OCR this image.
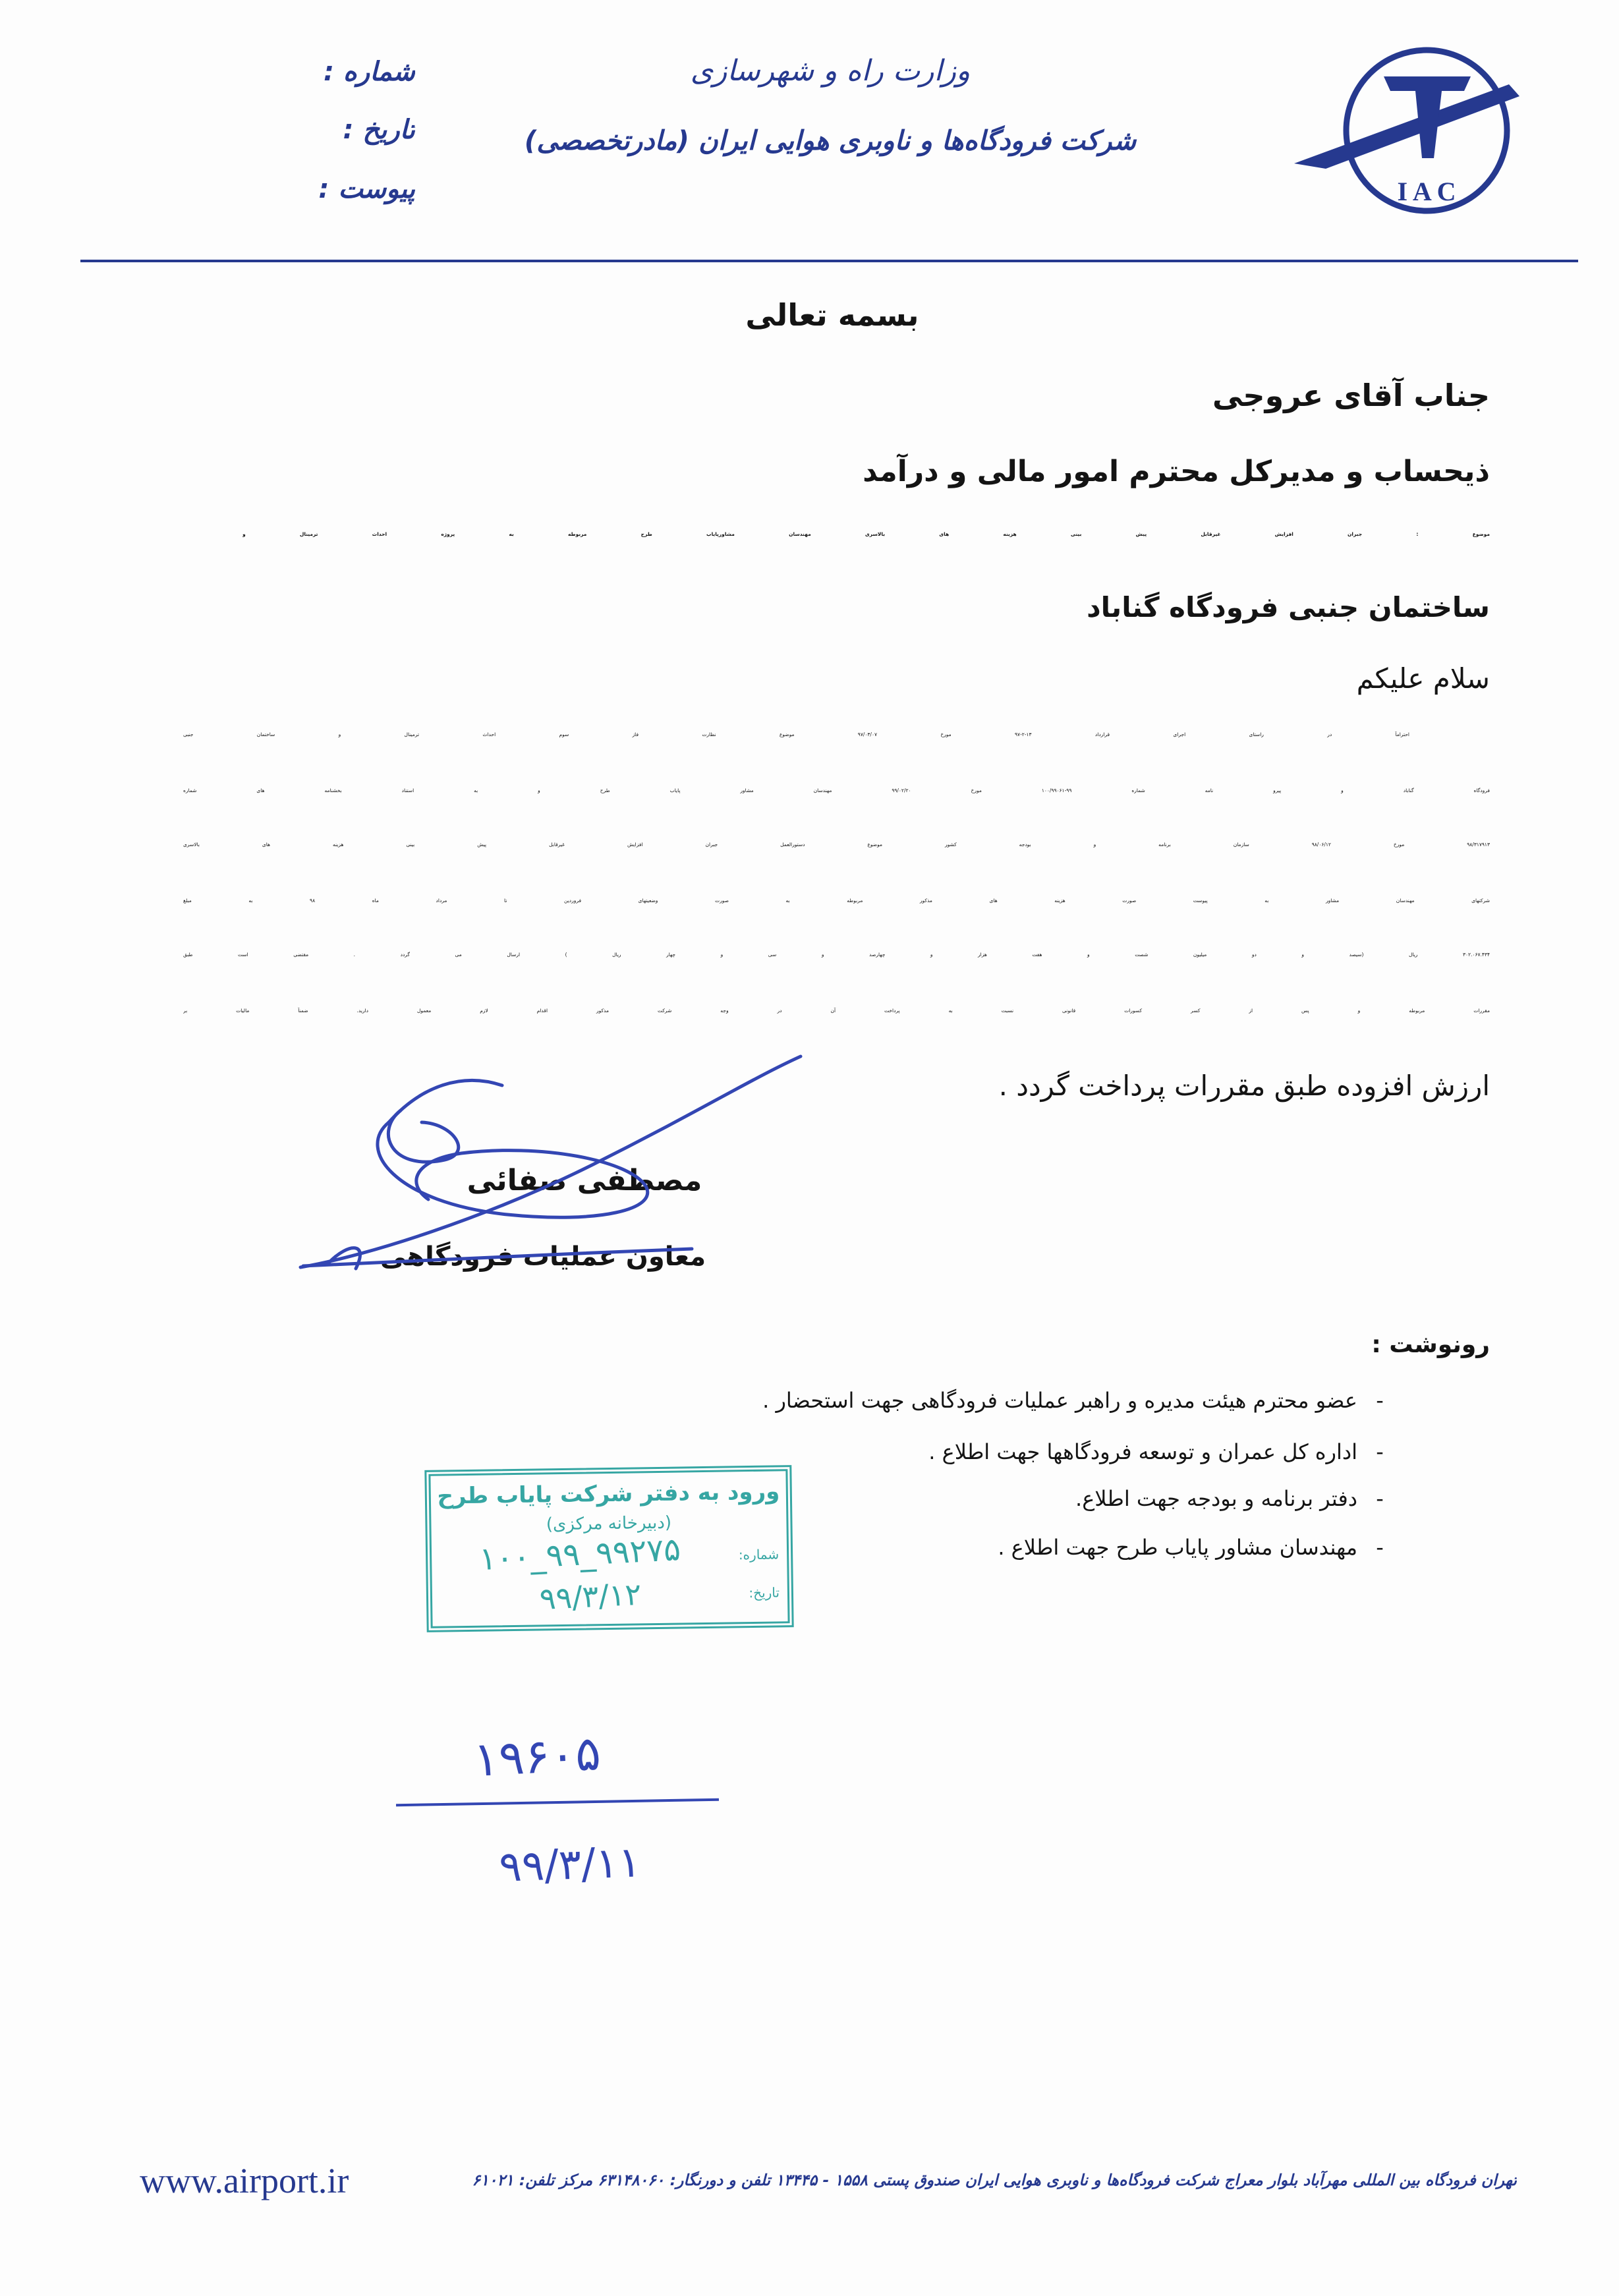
I A C
وزارت راه و شهرسازی
شرکت فرودگاه‌ها و ناوبری هوایی ایران (مادرتخصصی)
شماره :
تاریخ :
پیوست :
بسمه تعالی
جناب آقای عروجی
ذیحساب و مدیرکل محترم امور مالی و درآمد
موضوع : جبران افزایش غیرقابل پیش بینی هزینه های بالاسری مهندسان مشاورپایاب طرح مربوطه به پروژه احداث ترمینال و
ساختمان جنبی فرودگاه گناباد
سلام علیکم
احتراماً در راستای اجرای قرارداد ۱۳-۲-۹۷ مورخ ۹۷/۰۳/۰۷ موضوع نظارت فاز سوم احداث ترمینال و ساختمان جنبی
فرودگاه گناباد و پیرو نامه شماره ۹۹-۱۰۰/۹۹۰۶۱ مورخ ۹۹/۰۲/۲۰ مهندسان مشاور پایاب طرح و به استناد بخشنامه های شماره
۹۸/۳۱۷۹۱۳ مورخ ۹۸/۰۶/۱۲ سازمان برنامه و بودجه کشور موضوع دستورالعمل جبران افزایش غیرقابل پیش بینی هزینه های بالاسری
شرکتهای مهندسان مشاور به پیوست صورت هزینه های مذکور مربوطه به صورت وضعیتهای فروردین تا مرداد ماه ۹۸ به مبلغ
۳۰۲.۰۶۷.۴۳۴ ریال (سیصد و دو میلیون شصت و هفت هزار و چهارصد و سی و چهار ریال ) ارسال می گردد . مقتضی است طبق
مقررات مربوطه و پس از کسر کسورات قانونی نسبت به پرداخت آن در وجه شرکت مذکور اقدام لازم معمول دارید. ضمناً مالیات بر
ارزش افزوده طبق مقررات پرداخت گردد .
مصطفی صفائی
معاون عملیات فرودگاهی
رونوشت :
-
عضو محترم هیئت مدیره و راهبر عملیات فرودگاهی جهت استحضار .
-
اداره کل عمران و توسعه فرودگاهها جهت اطلاع .
-
دفتر برنامه و بودجه جهت اطلاع.
-
مهندسان مشاور پایاب طرح جهت اطلاع .
ورود به دفتر شرکت پایاب طرح
(دبیرخانه مرکزی)
شماره:
۱۰۰_۹۹_۹۹۲۷۵
تاریخ:
۹۹/۳/۱۲
۱۹۶۰۵
۹۹/۳/۱۱
تهران فرودگاه بین المللی مهرآباد بلوار معراج شرکت فرودگاه‌ها و ناوبری هوایی ایران صندوق پستی ۱۵۵۸ - ۱۳۴۴۵ تلفن و دورنگار: ۶۳۱۴۸۰۶۰ مرکز تلفن: ۶۱۰۲۱
www.airport.ir
